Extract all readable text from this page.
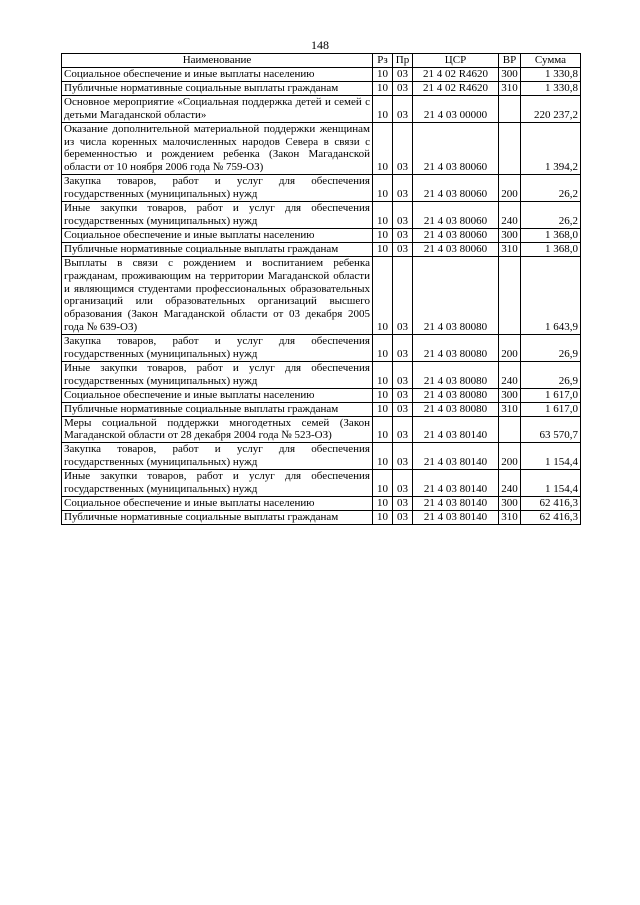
148
Наименование	Рз	Пр	ЦСР	ВР	Сумма
Социальное обеспечение и иные выплаты населению	10	03	21 4 02 R4620	300	1 330,8
Публичные нормативные социальные выплаты гражданам	10	03	21 4 02 R4620	310	1 330,8
Основное мероприятие «Социальная поддержка детей и семей с детьми Магаданской области»	10	03	21 4 03 00000		220 237,2
Оказание дополнительной материальной поддержки женщинам из числа коренных малочисленных народов Севера в связи с беременностью и рождением ребенка (Закон Магаданской области от 10 ноября 2006 года № 759-ОЗ)	10	03	21 4 03 80060		1 394,2
Закупка товаров, работ и услуг для обеспечения государственных (муниципальных) нужд	10	03	21 4 03 80060	200	26,2
Иные закупки товаров, работ и услуг для обеспечения государственных (муниципальных) нужд	10	03	21 4 03 80060	240	26,2
Социальное обеспечение и иные выплаты населению	10	03	21 4 03 80060	300	1 368,0
Публичные нормативные социальные выплаты гражданам	10	03	21 4 03 80060	310	1 368,0
Выплаты в связи с рождением и воспитанием ребенка гражданам, проживающим на территории Магаданской области и являющимся студентами профессиональных образовательных организаций или образовательных организаций высшего образования (Закон Магаданской области от 03 декабря 2005 года № 639-ОЗ)	10	03	21 4 03 80080		1 643,9
Закупка товаров, работ и услуг для обеспечения государственных (муниципальных) нужд	10	03	21 4 03 80080	200	26,9
Иные закупки товаров, работ и услуг для обеспечения государственных (муниципальных) нужд	10	03	21 4 03 80080	240	26,9
Социальное обеспечение и иные выплаты населению	10	03	21 4 03 80080	300	1 617,0
Публичные нормативные социальные выплаты гражданам	10	03	21 4 03 80080	310	1 617,0
Меры социальной поддержки многодетных семей (Закон Магаданской области от 28 декабря 2004 года № 523-ОЗ)	10	03	21 4 03 80140		63 570,7
Закупка товаров, работ и услуг для обеспечения государственных (муниципальных) нужд	10	03	21 4 03 80140	200	1 154,4
Иные закупки товаров, работ и услуг для обеспечения государственных (муниципальных) нужд	10	03	21 4 03 80140	240	1 154,4
Социальное обеспечение и иные выплаты населению	10	03	21 4 03 80140	300	62 416,3
Публичные нормативные социальные выплаты гражданам	10	03	21 4 03 80140	310	62 416,3
